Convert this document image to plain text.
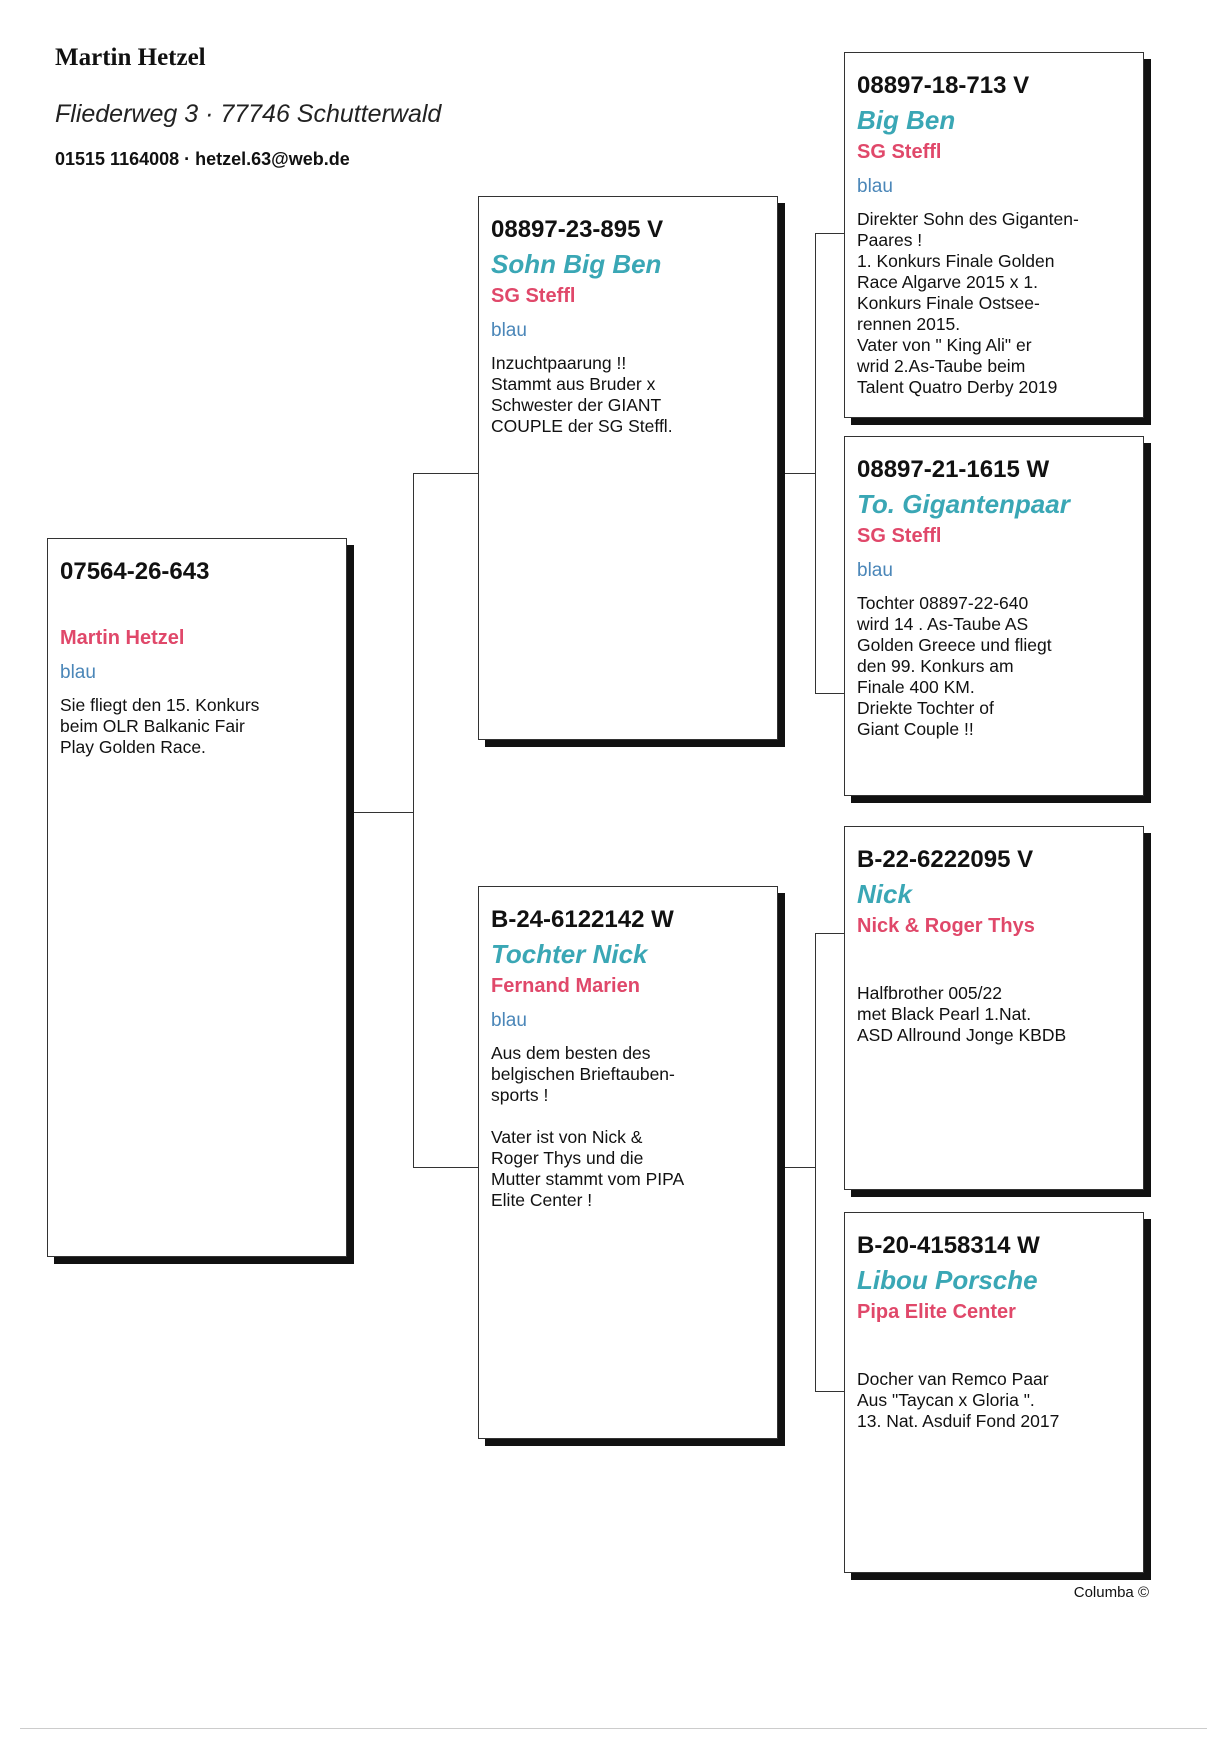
Martin Hetzel
Fliederweg 3 · 77746 Schutterwald
01515 1164008 · hetzel.63@web.de
07564-26-643
Martin Hetzel
blau
Sie fliegt den 15. Konkurs
beim OLR Balkanic Fair
Play Golden Race.
08897-23-895 V
Sohn Big Ben
SG Steffl
blau
Inzuchtpaarung !!
Stammt aus Bruder x
Schwester der GIANT
COUPLE der SG Steffl.
B-24-6122142 W
Tochter Nick
Fernand Marien
blau
Aus dem besten des
belgischen Brieftauben-
sports !

Vater ist von Nick &
Roger Thys und die
Mutter stammt vom PIPA
Elite Center !
08897-18-713 V
Big Ben
SG Steffl
blau
Direkter Sohn des Giganten-
Paares !
1. Konkurs Finale Golden
Race Algarve 2015 x 1.
Konkurs Finale Ostsee-
rennen 2015.
Vater von " King Ali" er
wrid 2.As-Taube beim
Talent Quatro Derby 2019
08897-21-1615 W
To. Gigantenpaar
SG Steffl
blau
Tochter 08897-22-640
wird 14 . As-Taube AS
Golden Greece und fliegt
den 99. Konkurs am
Finale 400 KM.
Driekte Tochter of
Giant Couple !!
B-22-6222095 V
Nick
Nick & Roger Thys
Halfbrother 005/22
met Black Pearl 1.Nat.
ASD Allround Jonge KBDB
B-20-4158314 W
Libou Porsche
Pipa Elite Center
Docher van Remco Paar
Aus "Taycan x Gloria ".
13. Nat. Asduif Fond 2017
Columba ©
